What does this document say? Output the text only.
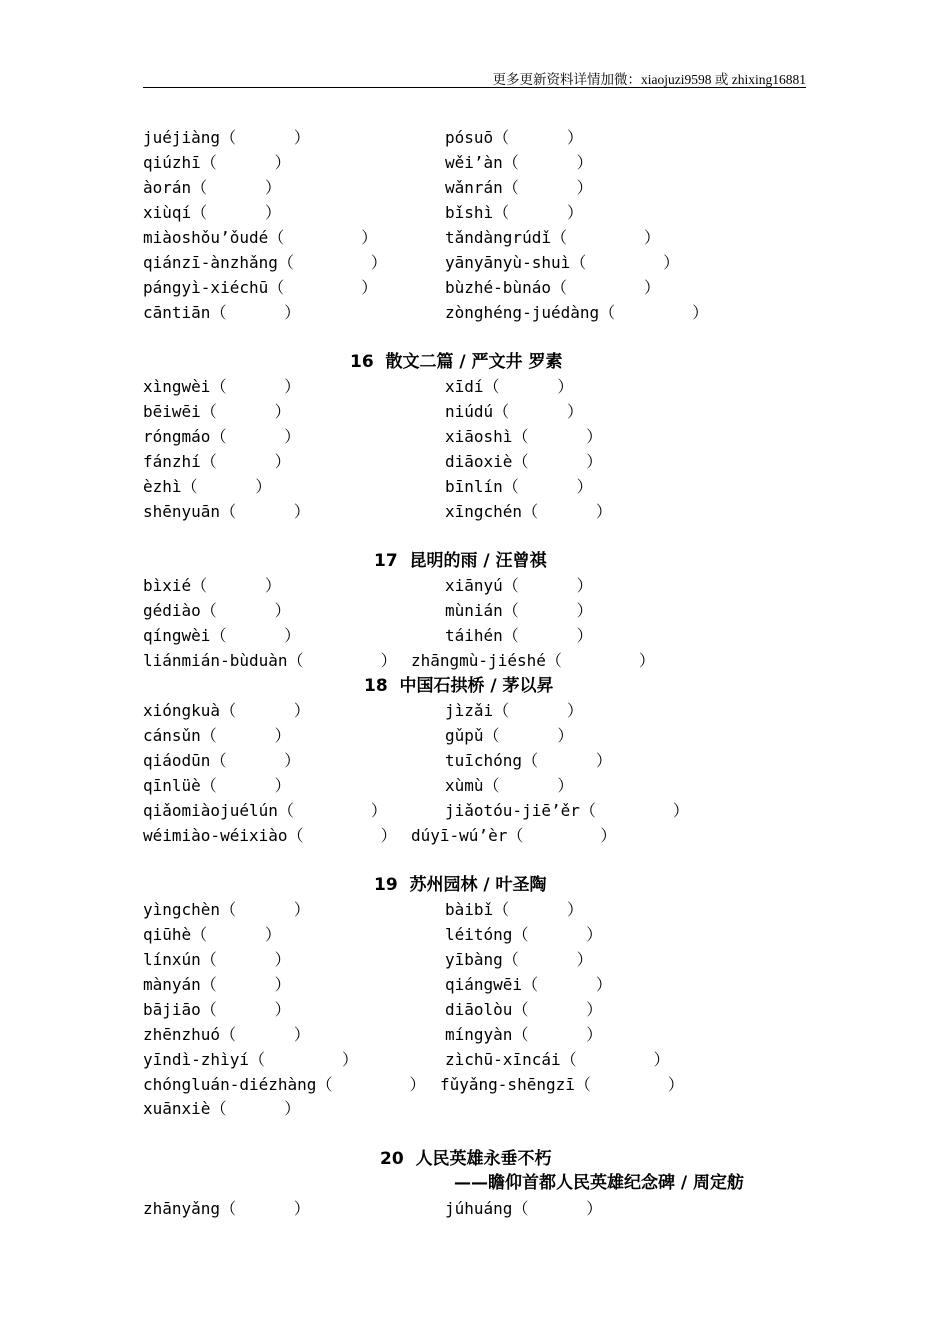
更多更新资料详情加微：xiaojuzi9598 或 zhixing16881
juéjiàng（      ）	pósuō（      ）
qiúzhī（      ）	wěi’àn（      ）
àorán（      ）	wǎnrán（      ）
xiùqí（      ）	bǐshì（      ）
miàoshǒu’ǒudé（        ）	tǎndàngrúdǐ（        ）
qiánzī-ànzhǎng（        ）	yānyānyù-shuì（        ）
pángyì-xiéchū（        ）	bùzhé-bùnáo（        ）
cāntiān（      ）	zònghéng-juédàng（        ）
16  散文二篇 / 严文井 罗素
xìngwèi（      ）	xīdí（      ）
bēiwēi（      ）	niúdú（      ）
róngmáo（      ）	xiāoshì（      ）
fánzhí（      ）	diāoxiè（      ）
èzhì（      ）	bīnlín（      ）
shēnyuān（      ）	xīngchén（      ）
17  昆明的雨 / 汪曾祺
bìxié（      ）	xiānyú（      ）
gédiào（      ）	mùnián（      ）
qíngwèi（      ）	táihén（      ）
liánmián-bùduàn（        ） zhāngmù-jiéshé（        ）
18  中国石拱桥 / 茅以昇
xióngkuà（      ）	jìzǎi（      ）
cánsǔn（      ）	gǔpǔ（      ）
qiáodūn（      ）	tuīchóng（      ）
qīnlüè（      ）	xùmù（      ）
qiǎomiàojuélún（        ）	jiǎotóu-jiē’ěr（        ）
wéimiào-wéixiào（        ） dúyī-wú’èr（        ）
19  苏州园林 / 叶圣陶
yìngchèn（      ）	bàibǐ（      ）
qiūhè（      ）	léitóng（      ）
línxún（      ）	yībàng（      ）
mànyán（      ）	qiángwēi（      ）
bājiāo（      ）	diāolòu（      ）
zhēnzhuó（      ）	míngyàn（      ）
yīndì-zhìyí（        ）	zìchū-xīncái（        ）
chóngluán-diézhàng（        ） fǔyǎng-shēngzī（        ）
xuānxiè（      ）
20  人民英雄永垂不朽
——瞻仰首都人民英雄纪念碑 / 周定舫
zhānyǎng（      ）	júhuáng（      ）
